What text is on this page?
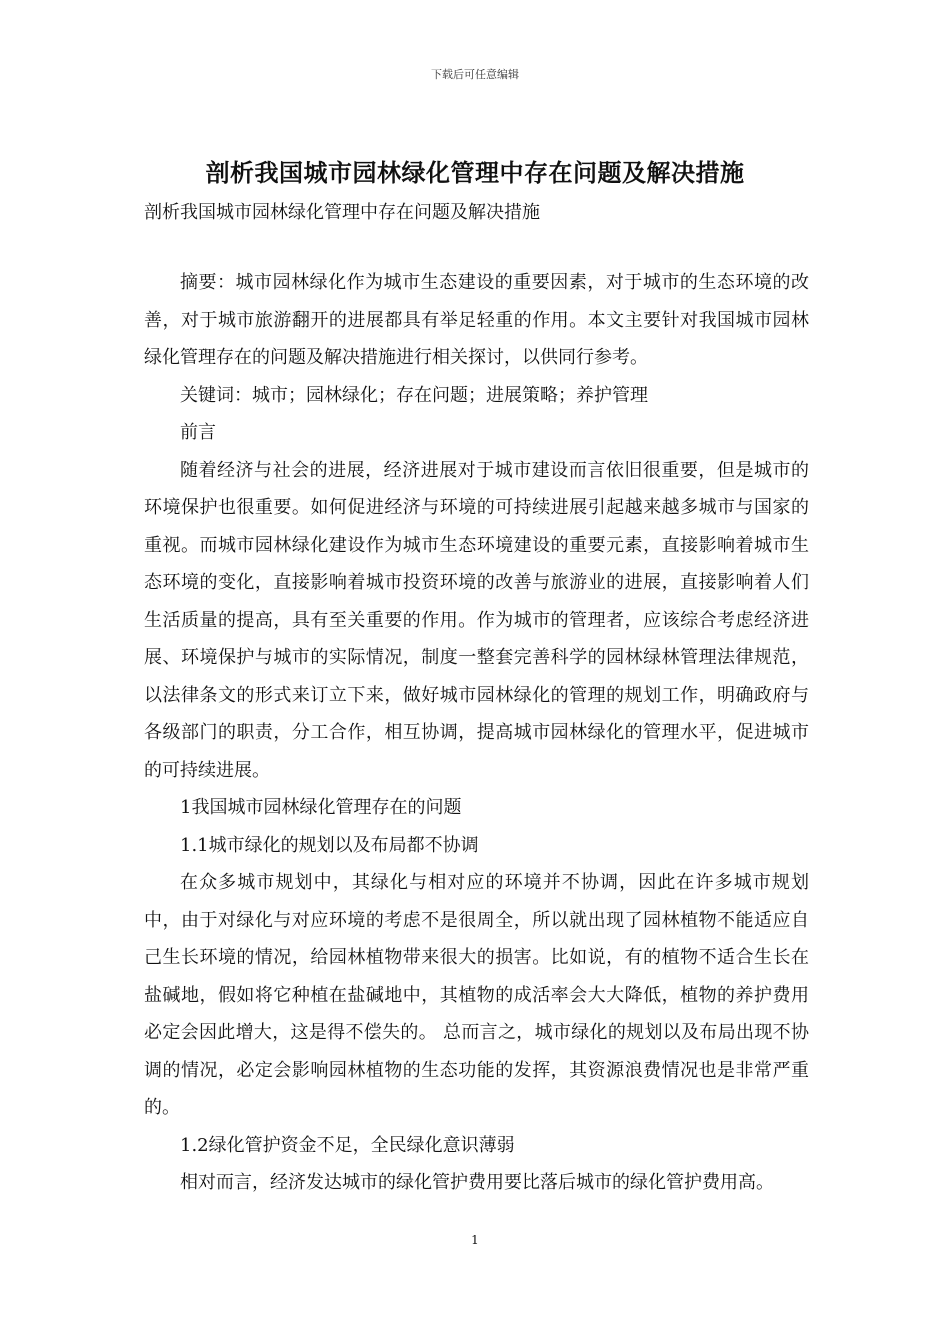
下载后可任意编辑
剖析我国城市园林绿化管理中存在问题及解决措施
剖析我国城市园林绿化管理中存在问题及解决措施

摘要：城市园林绿化作为城市生态建设的重要因素，对于城市的生态环境的改善，对于城市旅游翻开的进展都具有举足轻重的作用。本文主要针对我国城市园林绿化管理存在的问题及解决措施进行相关探讨，以供同行参考。

关键词：城市；园林绿化；存在问题；进展策略；养护管理

前言

随着经济与社会的进展，经济进展对于城市建设而言依旧很重要，但是城市的环境保护也很重要。如何促进经济与环境的可持续进展引起越来越多城市与国家的重视。而城市园林绿化建设作为城市生态环境建设的重要元素，直接影响着城市生态环境的变化，直接影响着城市投资环境的改善与旅游业的进展，直接影响着人们生活质量的提高，具有至关重要的作用。作为城市的管理者，应该综合考虑经济进展、环境保护与城市的实际情况，制度一整套完善科学的园林绿林管理法律规范，以法律条文的形式来订立下来，做好城市园林绿化的管理的规划工作，明确政府与各级部门的职责，分工合作，相互协调，提高城市园林绿化的管理水平，促进城市的可持续进展。

1我国城市园林绿化管理存在的问题

1.1城市绿化的规划以及布局都不协调

在众多城市规划中，其绿化与相对应的环境并不协调，因此在许多城市规划中，由于对绿化与对应环境的考虑不是很周全，所以就出现了园林植物不能适应自己生长环境的情况，给园林植物带来很大的损害。比如说，有的植物不适合生长在盐碱地，假如将它种植在盐碱地中，其植物的成活率会大大降低，植物的养护费用必定会因此增大，这是得不偿失的。 总而言之，城市绿化的规划以及布局出现不协调的情况，必定会影响园林植物的生态功能的发挥，其资源浪费情况也是非常严重的。

1.2绿化管护资金不足，全民绿化意识薄弱

相对而言，经济发达城市的绿化管护费用要比落后城市的绿化管护费用高。

1
